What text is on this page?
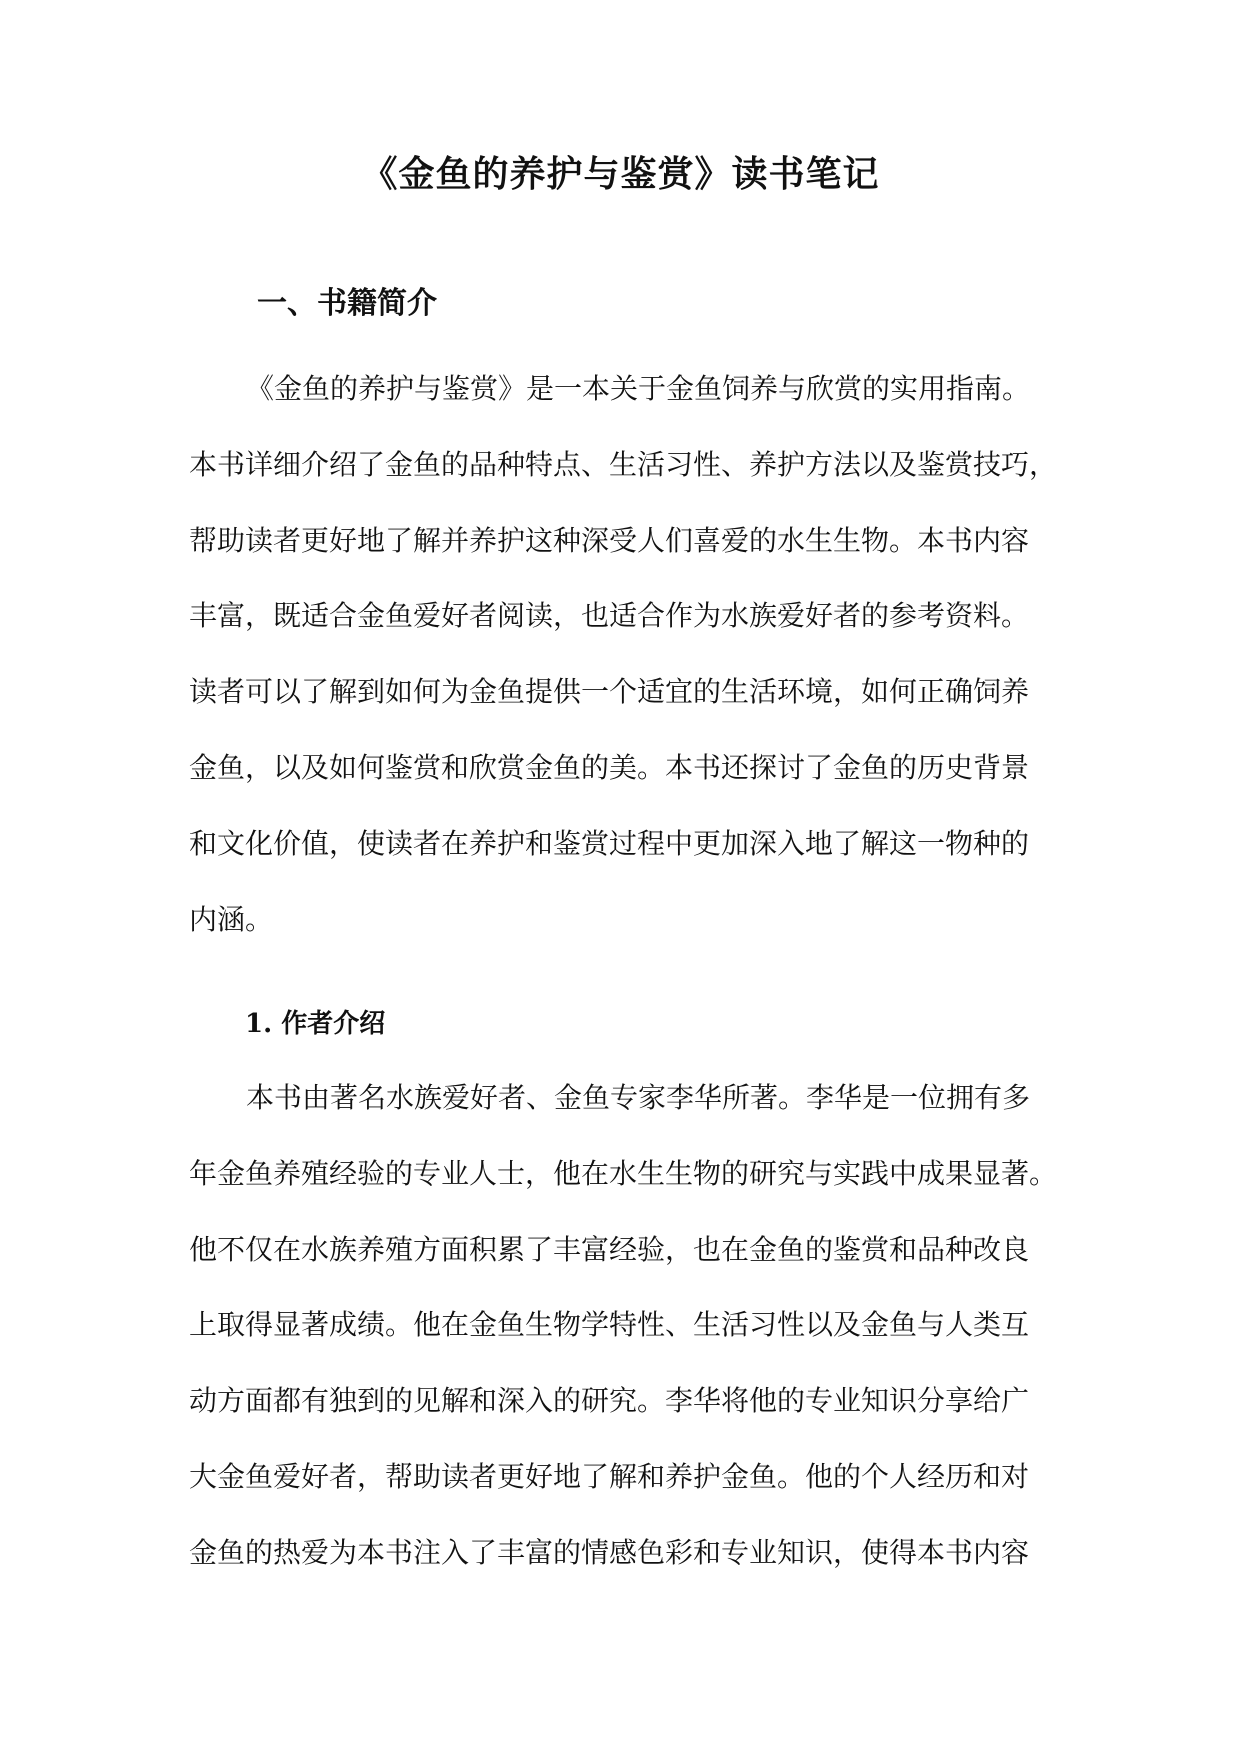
《金鱼的养护与鉴赏》读书笔记
一、书籍简介
《金鱼的养护与鉴赏》是一本关于金鱼饲养与欣赏的实用指南。
本书详细介绍了金鱼的品种特点、生活习性、养护方法以及鉴赏技巧，
帮助读者更好地了解并养护这种深受人们喜爱的水生生物。本书内容
丰富，既适合金鱼爱好者阅读，也适合作为水族爱好者的参考资料。
读者可以了解到如何为金鱼提供一个适宜的生活环境，如何正确饲养
金鱼，以及如何鉴赏和欣赏金鱼的美。本书还探讨了金鱼的历史背景
和文化价值，使读者在养护和鉴赏过程中更加深入地了解这一物种的
内涵。
1. 作者介绍
本书由著名水族爱好者、金鱼专家李华所著。李华是一位拥有多
年金鱼养殖经验的专业人士，他在水生生物的研究与实践中成果显著。
他不仅在水族养殖方面积累了丰富经验，也在金鱼的鉴赏和品种改良
上取得显著成绩。他在金鱼生物学特性、生活习性以及金鱼与人类互
动方面都有独到的见解和深入的研究。李华将他的专业知识分享给广
大金鱼爱好者，帮助读者更好地了解和养护金鱼。他的个人经历和对
金鱼的热爱为本书注入了丰富的情感色彩和专业知识，使得本书内容
